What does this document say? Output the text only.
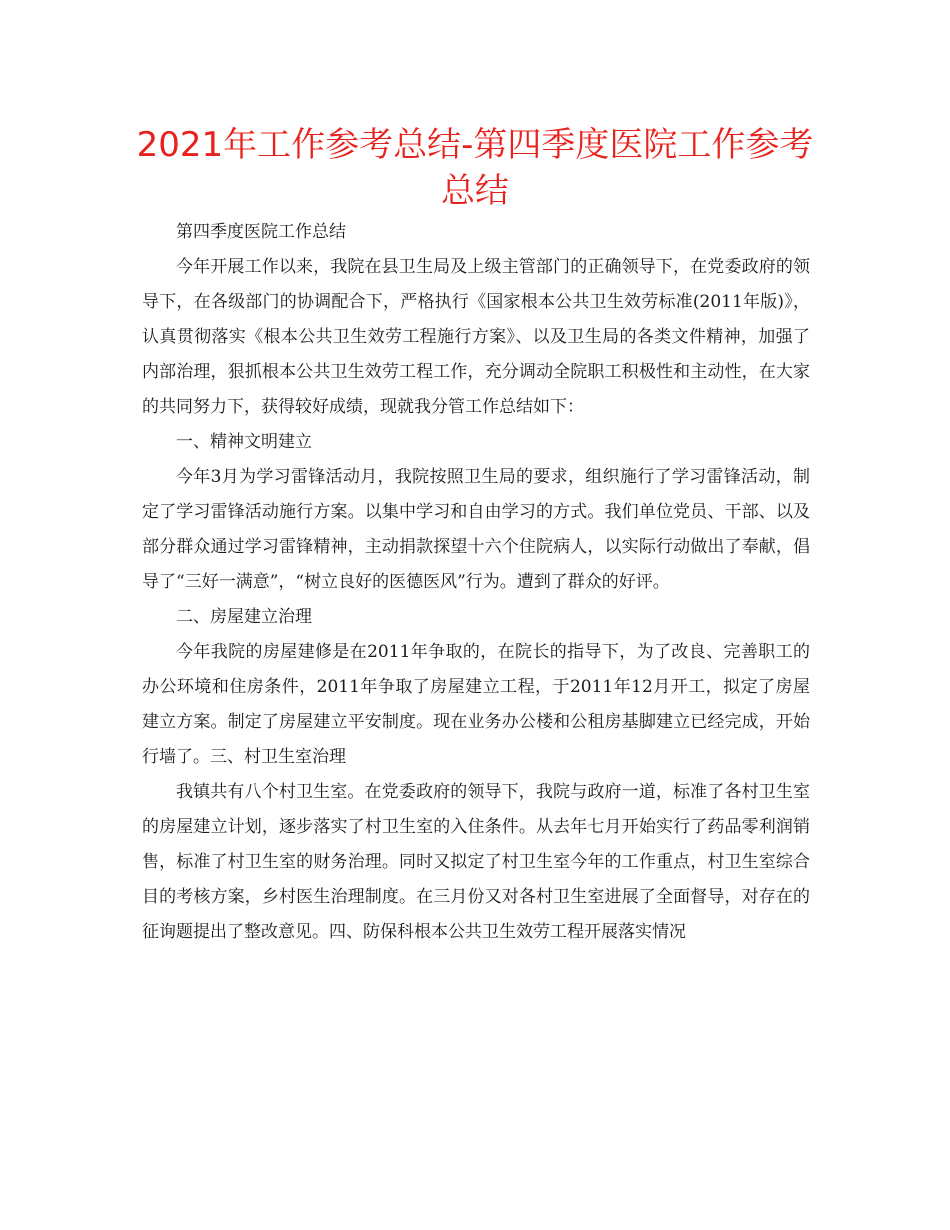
2021年工作参考总结-第四季度医院工作参考总结

第四季度医院工作总结

今年开展工作以来，我院在县卫生局及上级主管部门的正确领导下，在党委政府的领导下，在各级部门的协调配合下，严格执行《国家根本公共卫生效劳标准(2011年版)》，认真贯彻落实《根本公共卫生效劳工程施行方案》、以及卫生局的各类文件精神，加强了内部治理，狠抓根本公共卫生效劳工程工作，充分调动全院职工积极性和主动性，在大家的共同努力下，获得较好成绩，现就我分管工作总结如下：

一、精神文明建立

今年3月为学习雷锋活动月，我院按照卫生局的要求，组织施行了学习雷锋活动，制定了学习雷锋活动施行方案。以集中学习和自由学习的方式。我们单位党员、干部、以及部分群众通过学习雷锋精神，主动捐款探望十六个住院病人，以实际行动做出了奉献，倡导了“三好一满意”，“树立良好的医德医风”行为。遭到了群众的好评。

二、房屋建立治理

今年我院的房屋建修是在2011年争取的，在院长的指导下，为了改良、完善职工的办公环境和住房条件，2011年争取了房屋建立工程，于2011年12月开工，拟定了房屋建立方案。制定了房屋建立平安制度。现在业务办公楼和公租房基脚建立已经完成，开始行墙了。三、村卫生室治理

我镇共有八个村卫生室。在党委政府的领导下，我院与政府一道，标准了各村卫生室的房屋建立计划，逐步落实了村卫生室的入住条件。从去年七月开始实行了药品零利润销售，标准了村卫生室的财务治理。同时又拟定了村卫生室今年的工作重点，村卫生室综合目的考核方案，乡村医生治理制度。在三月份又对各村卫生室进展了全面督导，对存在的征询题提出了整改意见。四、防保科根本公共卫生效劳工程开展落实情况
